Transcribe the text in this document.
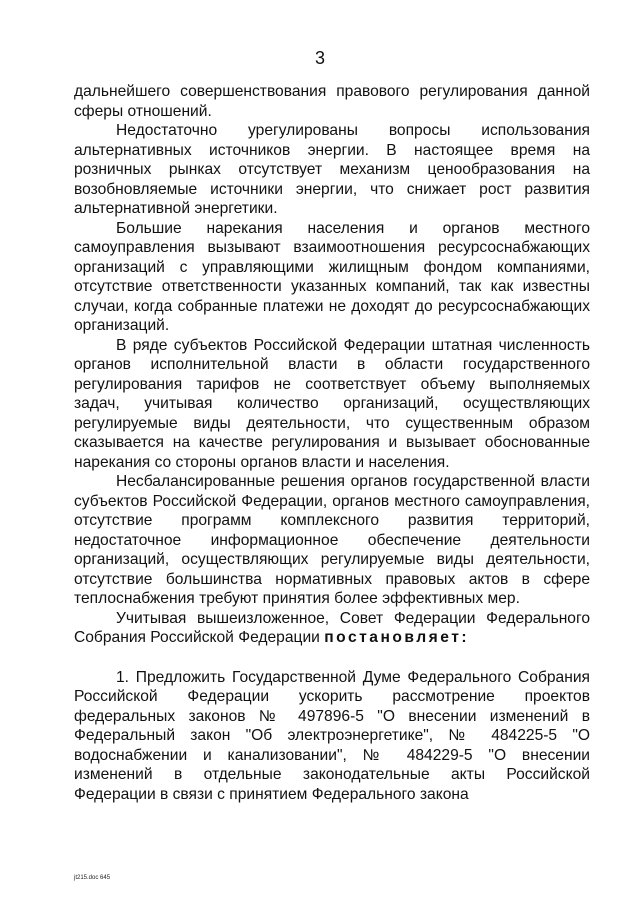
3

дальнейшего совершенствования правового регулирования данной сферы отношений.

Недостаточно урегулированы вопросы использования альтернативных источников энергии. В настоящее время на розничных рынках отсутствует механизм ценообразования на возобновляемые источники энергии, что снижает рост развития альтернативной энергетики.

Большие нарекания населения и органов местного самоуправления вызывают взаимоотношения ресурсоснабжающих организаций с управляющими жилищным фондом компаниями, отсутствие ответственности указанных компаний, так как известны случаи, когда собранные платежи не доходят до ресурсоснабжающих организаций.

В ряде субъектов Российской Федерации штатная численность органов исполнительной власти в области государственного регулирования тарифов не соответствует объему выполняемых задач, учитывая количество организаций, осуществляющих регулируемые виды деятельности, что существенным образом сказывается на качестве регулирования и вызывает обоснованные нарекания со стороны органов власти и населения.

Несбалансированные решения органов государственной власти субъектов Российской Федерации, органов местного самоуправления, отсутствие программ комплексного развития территорий, недостаточное информационное обеспечение деятельности организаций, осуществляющих регулируемые виды деятельности, отсутствие большинства нормативных правовых актов в сфере теплоснабжения требуют принятия более эффективных мер.

Учитывая вышеизложенное, Совет Федерации Федерального Собрания Российской Федерации постановляет:

1. Предложить Государственной Думе Федерального Собрания Российской Федерации ускорить рассмотрение проектов федеральных законов № 497896-5 "О внесении изменений в Федеральный закон "Об электроэнергетике", № 484225-5 "О водоснабжении и канализовании", № 484229-5 "О внесении изменений в отдельные законодательные акты Российской Федерации в связи с принятием Федерального закона

jt215.doc 645
